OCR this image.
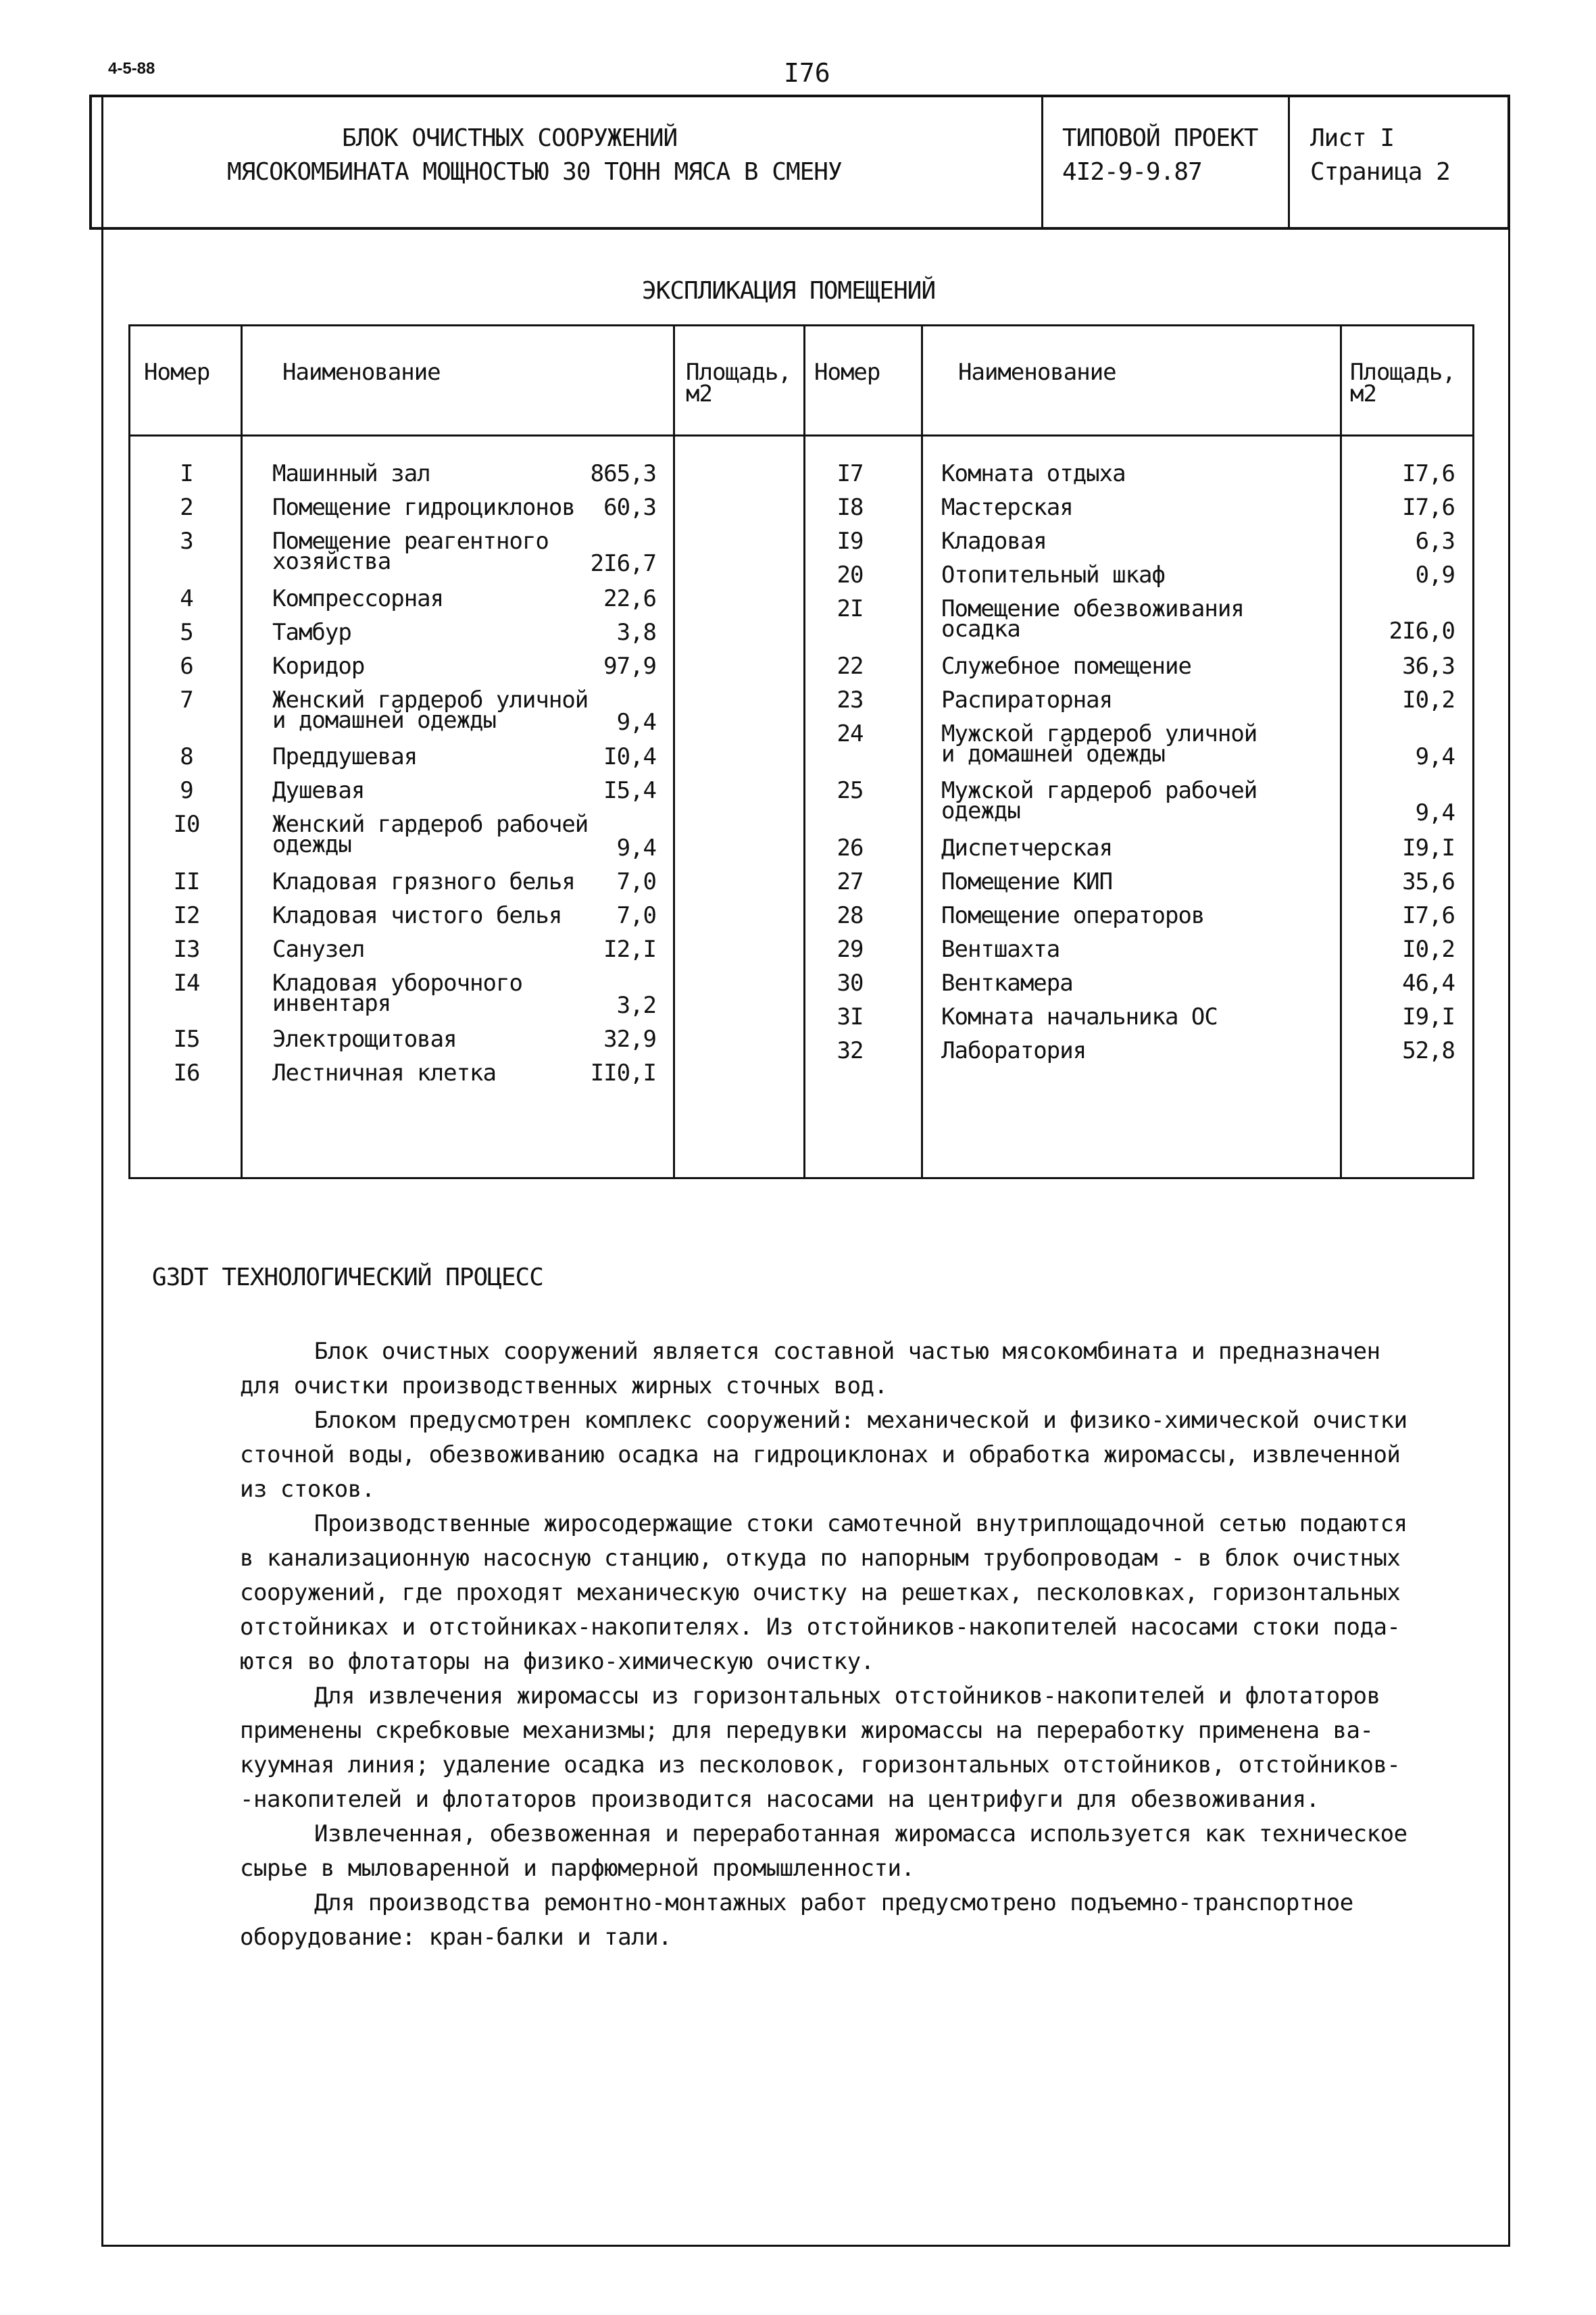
4-5-88	I76
БЛОК ОЧИСТНЫХ СООРУЖЕНИЙ
МЯСОКОМБИНАТА МОЩНОСТЬЮ 30 ТОНН МЯСА В СМЕНУ
ТИПОВОЙ ПРОЕКТ
4I2-9-9.87
Лист I
Страница 2
ЭКСПЛИКАЦИЯ ПОМЕЩЕНИЙ
Номер	Наименование	Площадь,
м2
Номер	Наименование	Площадь,
м2
I	Машинный зал	865,3
2	Помещение гидроциклонов	60,3
3	Помещение реагентного
хозяйства	2I6,7
4	Компрессорная	22,6
5	Тамбур	3,8
6	Коридор	97,9
7	Женский гардероб уличной
и домашней одежды	9,4
8	Преддушевая	I0,4
9	Душевая	I5,4
I0	Женский гардероб рабочей
одежды	9,4
II	Кладовая грязного белья	7,0
I2	Кладовая чистого белья	7,0
I3	Санузел	I2,I
I4	Кладовая уборочного
инвентаря	3,2
I5	Электрощитовая	32,9
I6	Лестничная клетка	II0,I
I7	Комната отдыха	I7,6
I8	Мастерская	I7,6
I9	Кладовая	6,3
20	Отопительный шкаф	0,9
2I	Помещение обезвоживания
осадка	2I6,0
22	Служебное помещение	36,3
23	Распираторная	I0,2
24	Мужской гардероб уличной
и домашней одежды	9,4
25	Мужской гардероб рабочей
одежды	9,4
26	Диспетчерская	I9,I
27	Помещение КИП	35,6
28	Помещение операторов	I7,6
29	Вентшахта	I0,2
30	Венткамера	46,4
3I	Комната начальника ОС	I9,I
32	Лаборатория	52,8
G3DT ТЕХНОЛОГИЧЕСКИЙ ПРОЦЕСС
Блок очистных сооружений является составной частью мясокомбината и предназначен
для очистки производственных жирных сточных вод.
Блоком предусмотрен комплекс сооружений: механической и физико-химической очистки
сточной воды, обезвоживанию осадка на гидроциклонах и обработка жиромассы, извлеченной
из стоков.
Производственные жиросодержащие стоки самотечной внутриплощадочной сетью подаются
в канализационную насосную станцию, откуда по напорным трубопроводам - в блок очистных
сооружений, где проходят механическую очистку на решетках, песколовках, горизонтальных
отстойниках и отстойниках-накопителях. Из отстойников-накопителей насосами стоки пода-
ются во флотаторы на физико-химическую очистку.
Для извлечения жиромассы из горизонтальных отстойников-накопителей и флотаторов
применены скребковые механизмы; для передувки жиромассы на переработку применена ва-
куумная линия; удаление осадка из песколовок, горизонтальных отстойников, отстойников-
-накопителей и флотаторов производится насосами на центрифуги для обезвоживания.
Извлеченная, обезвоженная и переработанная жиромасса используется как техническое
сырье в мыловаренной и парфюмерной промышленности.
Для производства ремонтно-монтажных работ предусмотрено подъемно-транспортное
оборудование: кран-балки и тали.
